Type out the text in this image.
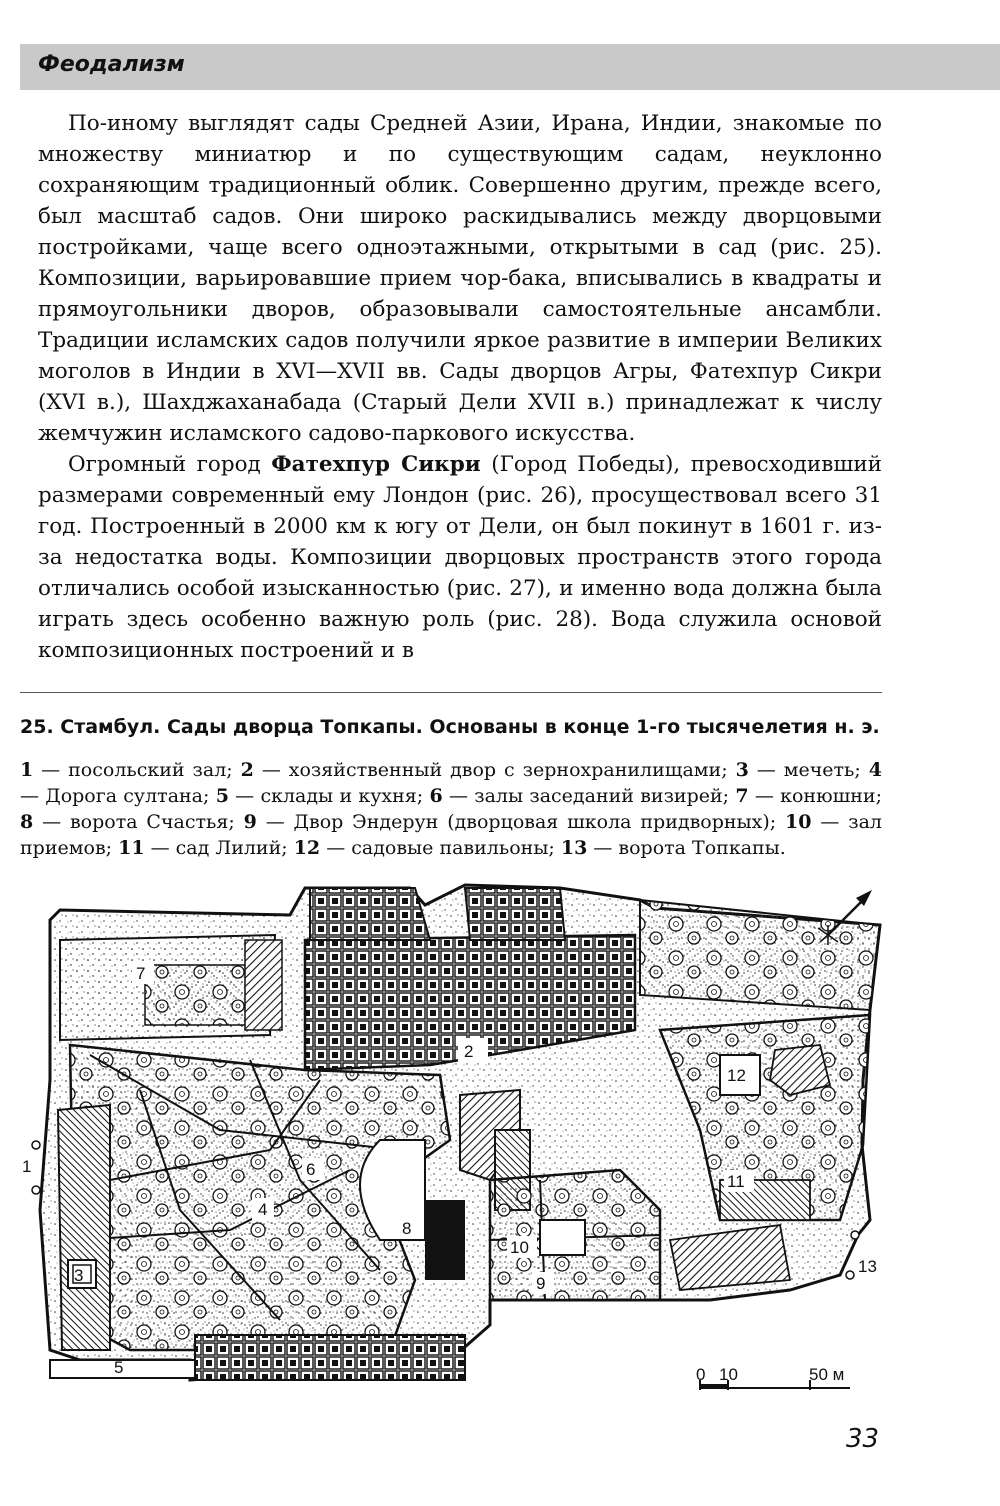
Феодализм

По-иному выглядят сады Средней Азии, Ирана, Индии, знакомые по множеству миниатюр и по существующим садам, неуклонно сохраняющим традиционный облик. Совершенно другим, прежде всего, был масштаб садов. Они широко раскидывались между дворцовыми постройками, чаще всего одноэтажными, открытыми в сад (рис. 25). Композиции, варьировавшие прием чор-бака, вписывались в квадраты и прямоугольники дворов, образовывали самостоятельные ансамбли. Традиции исламских садов получили яркое развитие в империи Великих моголов в Индии в XVI—XVII вв. Сады дворцов Агры, Фатехпур Сикри (XVI в.), Шахджаханабада (Старый Дели XVII в.) принадлежат к числу жемчужин исламского садово-паркового искусства.

Огромный город Фатехпур Сикри (Город Победы), превосходивший размерами современный ему Лондон (рис. 26), просуществовал всего 31 год. Построенный в 2000 км к югу от Дели, он был покинут в 1601 г. из-за недостатка воды. Композиции дворцовых пространств этого города отличались особой изысканностью (рис. 27), и именно вода должна была играть здесь особенно важную роль (рис. 28). Вода служила основой композиционных построений и в

25. Стамбул. Сады дворца Топкапы. Основаны в конце 1-го тысячелетия н. э.
1 — посольский зал; 2 — хозяйственный двор с зернохранилищами; 3 — мечеть; 4 — Дорога султана; 5 — склады и кухня; 6 — залы заседаний визирей; 7 — конюшни; 8 — ворота Счастья; 9 — Двор Эндерун (дворцовая школа придворных); 10 — зал приемов; 11 — сад Лилий; 12 — садовые павильоны; 13 — ворота Топкапы.
1
2
3
4
5
6
7
8
9
10
11
12
13
0 10	50 м
33
